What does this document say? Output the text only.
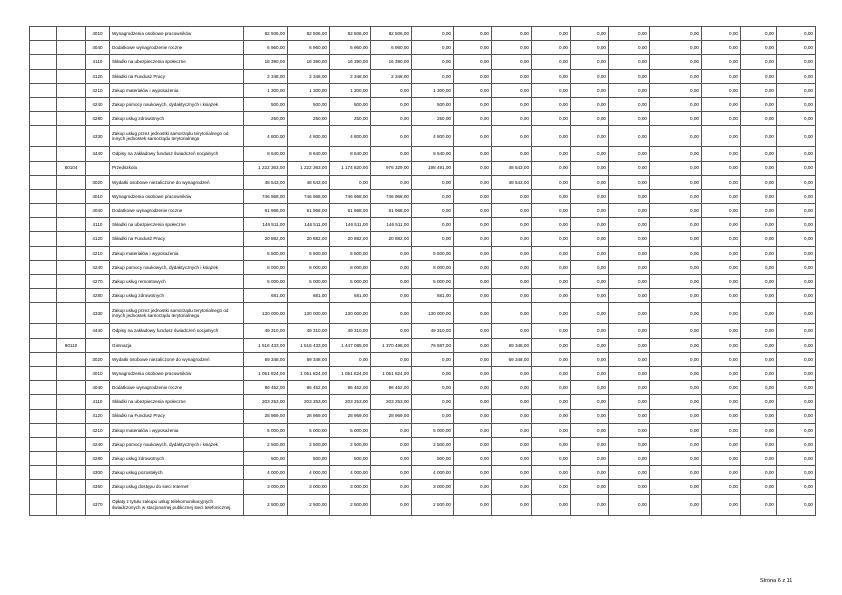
		4010	Wynagrodzenia osobowe pracowników	82 506,00	82 506,00	82 506,00	82 506,00	0,00	0,00	0,00	0,00	0,00	0,00	0,00	0,00	0,00	0,00
		4040	Dodatkowe wynagrodzenie roczne	6 960,00	6 960,00	6 960,00	6 960,00	0,00	0,00	0,00	0,00	0,00	0,00	0,00	0,00	0,00	0,00
		4110	Składki na ubezpieczenia społeczne	16 390,00	16 390,00	16 390,00	16 390,00	0,00	0,00	0,00	0,00	0,00	0,00	0,00	0,00	0,00	0,00
		4120	Składki na Fundusz Pracy	2 348,00	2 348,00	2 348,00	2 348,00	0,00	0,00	0,00	0,00	0,00	0,00	0,00	0,00	0,00	0,00
		4210	Zakup materiałów i wyposażenia	1 300,00	1 300,00	1 300,00	0,00	1 300,00	0,00	0,00	0,00	0,00	0,00	0,00	0,00	0,00	0,00
		4240	Zakup pomocy naukowych, dydaktycznych i książek	500,00	500,00	500,00	0,00	500,00	0,00	0,00	0,00	0,00	0,00	0,00	0,00	0,00	0,00
		4280	Zakup usług zdrowotnych	250,00	250,00	250,00	0,00	250,00	0,00	0,00	0,00	0,00	0,00	0,00	0,00	0,00	0,00
		4330	Zakup usług przez jednostki samorządu terytorialnego od innych jednostek samorządu terytorialnego	4 800,00	4 800,00	4 800,00	0,00	4 800,00	0,00	0,00	0,00	0,00	0,00	0,00	0,00	0,00	0,00
		4440	Odpisy na zakładowy fundusz świadczeń socjalnych	8 640,00	8 640,00	8 640,00	0,00	8 640,00	0,00	0,00	0,00	0,00	0,00	0,00	0,00	0,00	0,00
	80104		Przedszkola	1 222 363,00	1 222 363,00	1 174 820,00	976 329,00	198 491,00	0,00	48 543,00	0,00	0,00	0,00	0,00	0,00	0,00	0,00
		3020	Wydatki osobowe niezaliczone do wynagrodzeń	48 543,00	48 543,00	0,00	0,00	0,00	0,00	48 543,00	0,00	0,00	0,00	0,00	0,00	0,00	0,00
		4010	Wynagrodzenia osobowe pracowników	746 968,00	746 968,00	746 968,00	746 968,00	0,00	0,00	0,00	0,00	0,00	0,00	0,00	0,00	0,00	0,00
		4040	Dodatkowe wynagrodzenie roczne	61 968,00	61 968,00	61 968,00	61 968,00	0,00	0,00	0,00	0,00	0,00	0,00	0,00	0,00	0,00	0,00
		4110	Składki na ubezpieczenia społeczne	146 511,00	146 511,00	146 511,00	146 511,00	0,00	0,00	0,00	0,00	0,00	0,00	0,00	0,00	0,00	0,00
		4120	Składki na Fundusz Pracy	20 882,00	20 882,00	20 882,00	20 882,00	0,00	0,00	0,00	0,00	0,00	0,00	0,00	0,00	0,00	0,00
		4210	Zakup materiałów i wyposażenia	5 500,00	5 500,00	5 500,00	0,00	5 500,00	0,00	0,00	0,00	0,00	0,00	0,00	0,00	0,00	0,00
		4240	Zakup pomocy naukowych, dydaktycznych i książek	8 000,00	8 000,00	8 000,00	0,00	8 000,00	0,00	0,00	0,00	0,00	0,00	0,00	0,00	0,00	0,00
		4270	Zakup usług remontowych	5 000,00	5 000,00	5 000,00	0,00	5 000,00	0,00	0,00	0,00	0,00	0,00	0,00	0,00	0,00	0,00
		4280	Zakup usług zdrowotnych	681,00	681,00	681,00	0,00	681,00	0,00	0,00	0,00	0,00	0,00	0,00	0,00	0,00	0,00
		4330	Zakup usług przez jednostki samorządu terytorialnego od innych jednostek samorządu terytorialnego	130 000,00	130 000,00	130 000,00	0,00	130 000,00	0,00	0,00	0,00	0,00	0,00	0,00	0,00	0,00	0,00
		4440	Odpisy na zakładowy fundusz świadczeń socjalnych	49 310,00	49 310,00	49 310,00	0,00	49 310,00	0,00	0,00	0,00	0,00	0,00	0,00	0,00	0,00	0,00
	80110		Gimnazja	1 516 433,00	1 516 433,00	1 447 085,00	1 370 498,00	76 587,00	0,00	69 348,00	0,00	0,00	0,00	0,00	0,00	0,00	0,00
		3020	Wydatki osobowe niezaliczone do wynagrodzeń	69 348,00	69 348,00	0,00	0,00	0,00	0,00	69 348,00	0,00	0,00	0,00	0,00	0,00	0,00	0,00
		4010	Wynagrodzenia osobowe pracowników	1 051 824,00	1 051 824,00	1 051 824,00	1 051 824,00	0,00	0,00	0,00	0,00	0,00	0,00	0,00	0,00	0,00	0,00
		4040	Dodatkowe wynagrodzenie roczne	86 452,00	86 452,00	86 452,00	86 452,00	0,00	0,00	0,00	0,00	0,00	0,00	0,00	0,00	0,00	0,00
		4110	Składki na ubezpieczenia społeczne	203 253,00	203 253,00	203 253,00	203 253,00	0,00	0,00	0,00	0,00	0,00	0,00	0,00	0,00	0,00	0,00
		4120	Składki na Fundusz Pracy	28 969,00	28 969,00	28 969,00	28 969,00	0,00	0,00	0,00	0,00	0,00	0,00	0,00	0,00	0,00	0,00
		4210	Zakup materiałów i wyposażenia	5 000,00	5 000,00	5 000,00	0,00	5 000,00	0,00	0,00	0,00	0,00	0,00	0,00	0,00	0,00	0,00
		4240	Zakup pomocy naukowych, dydaktycznych i książek	2 500,00	2 500,00	2 500,00	0,00	2 500,00	0,00	0,00	0,00	0,00	0,00	0,00	0,00	0,00	0,00
		4280	Zakup usług zdrowotnych	500,00	500,00	500,00	0,00	500,00	0,00	0,00	0,00	0,00	0,00	0,00	0,00	0,00	0,00
		4300	Zakup usług pozostałych	4 000,00	4 000,00	4 000,00	0,00	4 000,00	0,00	0,00	0,00	0,00	0,00	0,00	0,00	0,00	0,00
		4350	Zakup usług dostępu do sieci Internet	3 000,00	3 000,00	3 000,00	0,00	3 000,00	0,00	0,00	0,00	0,00	0,00	0,00	0,00	0,00	0,00
		4370	Opłaty z tytułu zakupu usług telekomunikacyjnych świadczonych w stacjonarnej publicznej sieci telefonicznej.	2 500,00	2 500,00	2 500,00	0,00	2 500,00	0,00	0,00	0,00	0,00	0,00	0,00	0,00	0,00	0,00
Strona 6 z 11
